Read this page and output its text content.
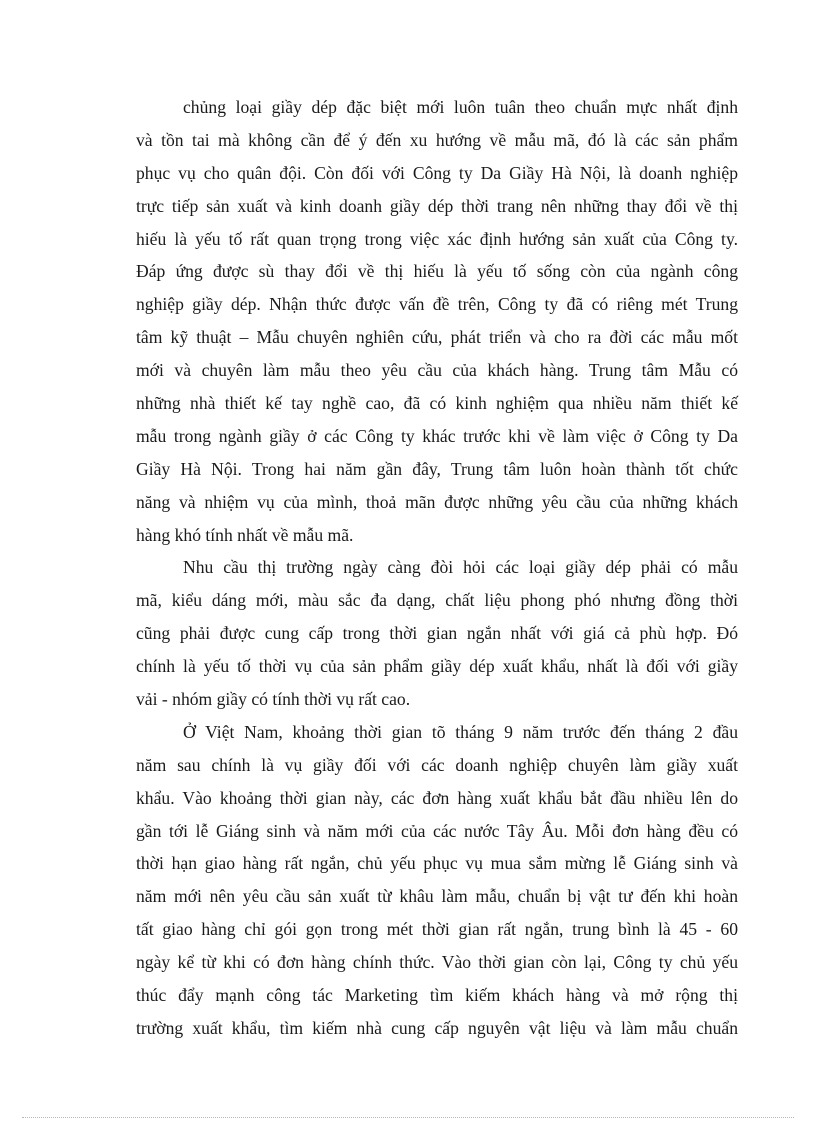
chủng loại giầy dép đặc biệt mới luôn tuân theo chuẩn mực nhất định
và tồn tai mà không cần để ý đến xu hướng về mẫu mã, đó là các sản phẩm
phục vụ cho quân đội. Còn đối với Công ty Da Giầy Hà Nội, là doanh nghiệp
trực tiếp sản xuất và kinh doanh giầy dép thời trang nên những thay đổi về thị
hiếu là yếu tố rất quan trọng trong việc xác định hướng sản xuất của Công ty.
Đáp ứng được sù thay đổi về thị hiếu là yếu tố sống còn của ngành công
nghiệp giầy dép. Nhận thức được vấn đề trên, Công ty đã có riêng mét Trung
tâm kỹ thuật – Mẫu chuyên nghiên cứu, phát triển và cho ra đời các mẫu mốt
mới và chuyên làm mẫu theo yêu cầu của khách hàng. Trung tâm Mẫu có
những nhà thiết kế tay nghề cao, đã có kinh nghiệm qua nhiều năm thiết kế
mẫu trong ngành giầy ở các Công ty khác trước khi về làm việc ở Công ty Da
Giầy Hà Nội. Trong hai năm gần đây, Trung tâm luôn hoàn thành tốt chức
năng và nhiệm vụ của mình, thoả mãn được những yêu cầu của những khách
hàng khó tính nhất về mẫu mã.
Nhu cầu thị trường ngày càng đòi hỏi các loại giầy dép phải có mẫu
mã, kiểu dáng mới, màu sắc đa dạng, chất liệu phong phó nhưng đồng thời
cũng phải được cung cấp trong thời gian ngắn nhất với giá cả phù hợp. Đó
chính là yếu tố thời vụ của sản phẩm giầy dép xuất khẩu, nhất là đối với giầy
vải - nhóm giầy có tính thời vụ rất cao.
Ở Việt Nam, khoảng thời gian tõ tháng 9 năm trước đến tháng 2 đầu
năm sau chính là vụ giầy đối với các doanh nghiệp chuyên làm giầy xuất
khẩu. Vào khoảng thời gian này, các đơn hàng xuất khẩu bắt đầu nhiều lên do
gần tới lễ Giáng sinh và năm mới của các nước Tây Âu. Mỗi đơn hàng đều có
thời hạn giao hàng rất ngắn, chủ yếu phục vụ mua sắm mừng lễ Giáng sinh và
năm mới nên yêu cầu sản xuất từ khâu làm mẫu, chuẩn bị vật tư đến khi hoàn
tất giao hàng chỉ gói gọn trong mét thời gian rất ngắn, trung bình là 45 - 60
ngày kể từ khi có đơn hàng chính thức. Vào thời gian còn lại, Công ty chủ yếu
thúc đẩy mạnh công tác Marketing tìm kiếm khách hàng và mở rộng thị
trường xuất khẩu, tìm kiếm nhà cung cấp nguyên vật liệu và làm mẫu chuẩn
